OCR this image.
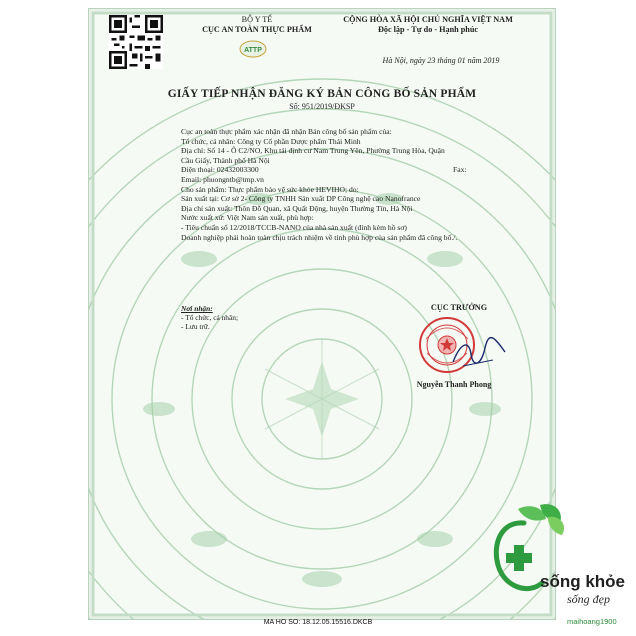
BỘ Y TẾ
CỤC AN TOÀN THỰC PHẨM
ATTP
CỘNG HÒA XÃ HỘI CHỦ NGHĨA VIỆT NAM
Độc lập - Tự do - Hạnh phúc
Hà Nội, ngày 23 tháng 01 năm 2019
GIẤY TIẾP NHẬN ĐĂNG KÝ BẢN CÔNG BỐ SẢN PHẨM
Số: 951/2019/ĐKSP
Cục an toàn thực phẩm xác nhận đã nhận Bản công bố sản phẩm của:
Tổ chức, cá nhân: Công ty Cổ phần Dược phẩm Thái Minh
Địa chỉ: Số 14 - Ô C2/NO, Khu tái định cư Nam Trung Yên, Phường Trung Hòa, Quận
Cầu Giấy, Thành phố Hà Nội
Điện thoại: 02432003300	Fax:
Email: phuongntb@tmp.vn
Cho sản phẩm: Thực phẩm bảo vệ sức khỏe HEVIHO; do:
Sản xuất tại: Cơ sở 2- Công ty TNHH Sản xuất DP Công nghệ cao Nanofrance
Địa chỉ sản xuất: Thôn Đỗ Quan, xã Quất Động, huyện Thường Tín, Hà Nội
Nước xuất xứ: Việt Nam sản xuất, phù hợp:
- Tiêu chuẩn số 12/2018/TCCB-NANO của nhà sản xuất (đính kèm hồ sơ)
Doanh nghiệp phải hoàn toàn chịu trách nhiệm về tính phù hợp của sản phẩm đã công bố./.
Nơi nhận:
- Tổ chức, cá nhân;
- Lưu trữ.
CỤC TRƯỞNG
Nguyễn Thanh Phong
MA HO SO: 18.12.05.15516.DKCB
sống khỏe
sống đẹp
maihoang1900
